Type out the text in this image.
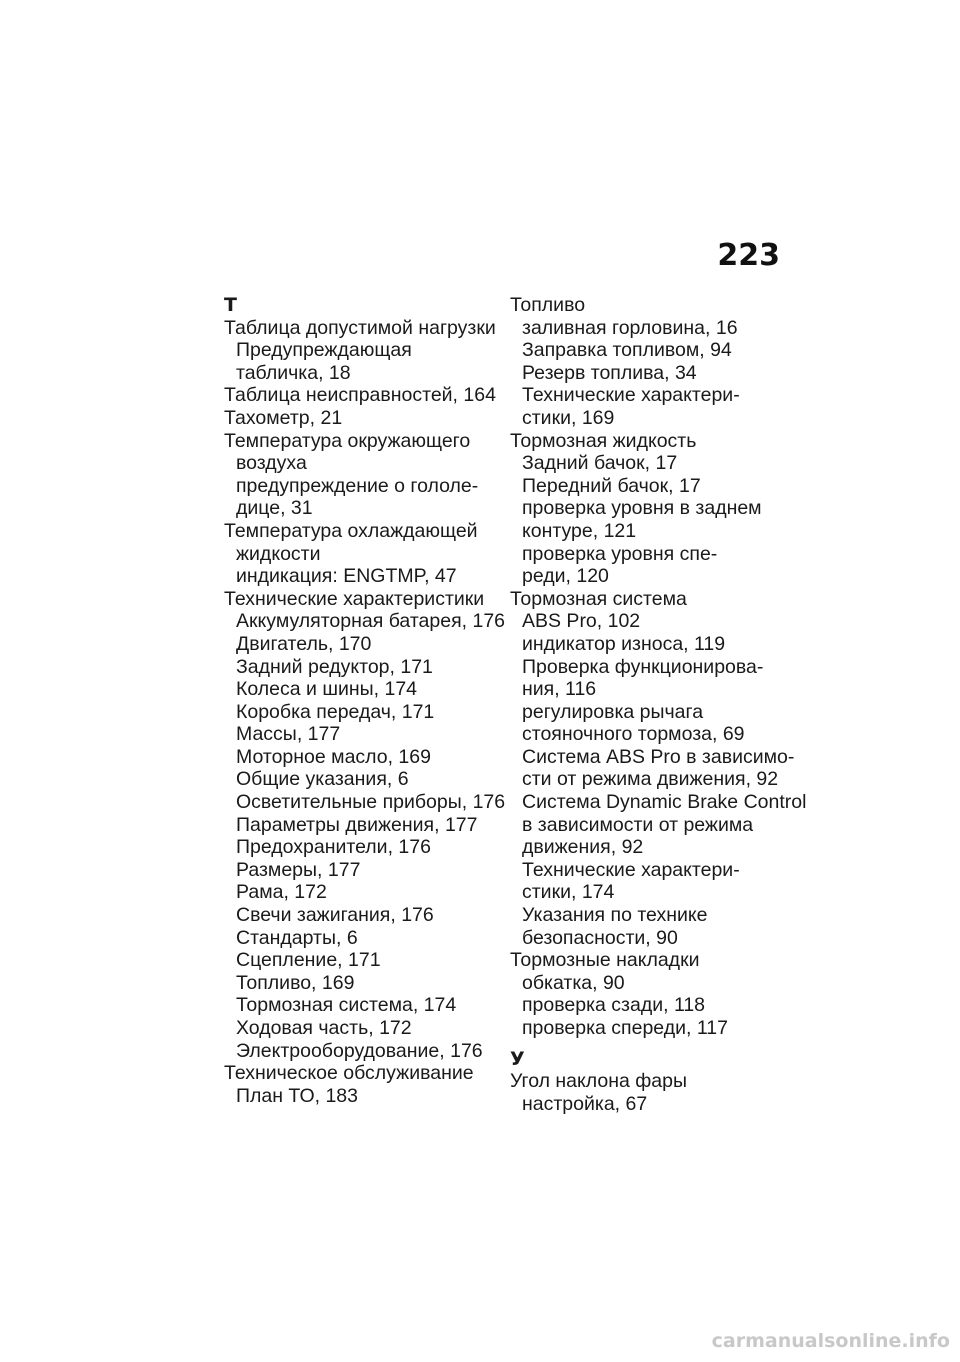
223
Т
Таблица допустимой нагрузки
Предупреждающая
табличка, 18
Таблица неисправностей, 164
Тахометр, 21
Температура окружающего
воздуха
предупреждение о гололе-
дице, 31
Температура охлаждающей
жидкости
индикация: ENGTMP, 47
Технические характеристики
Аккумуляторная батарея, 176
Двигатель, 170
Задний редуктор, 171
Колеса и шины, 174
Коробка передач, 171
Массы, 177
Моторное масло, 169
Общие указания, 6
Осветительные приборы, 176
Параметры движения, 177
Предохранители, 176
Размеры, 177
Рама, 172
Свечи зажигания, 176
Стандарты, 6
Сцепление, 171
Топливо, 169
Тормозная система, 174
Ходовая часть, 172
Электрооборудование, 176
Техническое обслуживание
План ТО, 183
Топливо
заливная горловина, 16
Заправка топливом, 94
Резерв топлива, 34
Технические характери-
стики, 169
Тормозная жидкость
Задний бачок, 17
Передний бачок, 17
проверка уровня в заднем
контуре, 121
проверка уровня спе-
реди, 120
Тормозная система
ABS Pro, 102
индикатор износа, 119
Проверка функционирова-
ния, 116
регулировка рычага
стояночного тормоза, 69
Система ABS Pro в зависимо-
сти от режима движения, 92
Система Dynamic Brake Control
в зависимости от режима
движения, 92
Технические характери-
стики, 174
Указания по технике
безопасности, 90
Тормозные накладки
обкатка, 90
проверка сзади, 118
проверка спереди, 117
У
Угол наклона фары
настройка, 67
carmanualsonline.info
